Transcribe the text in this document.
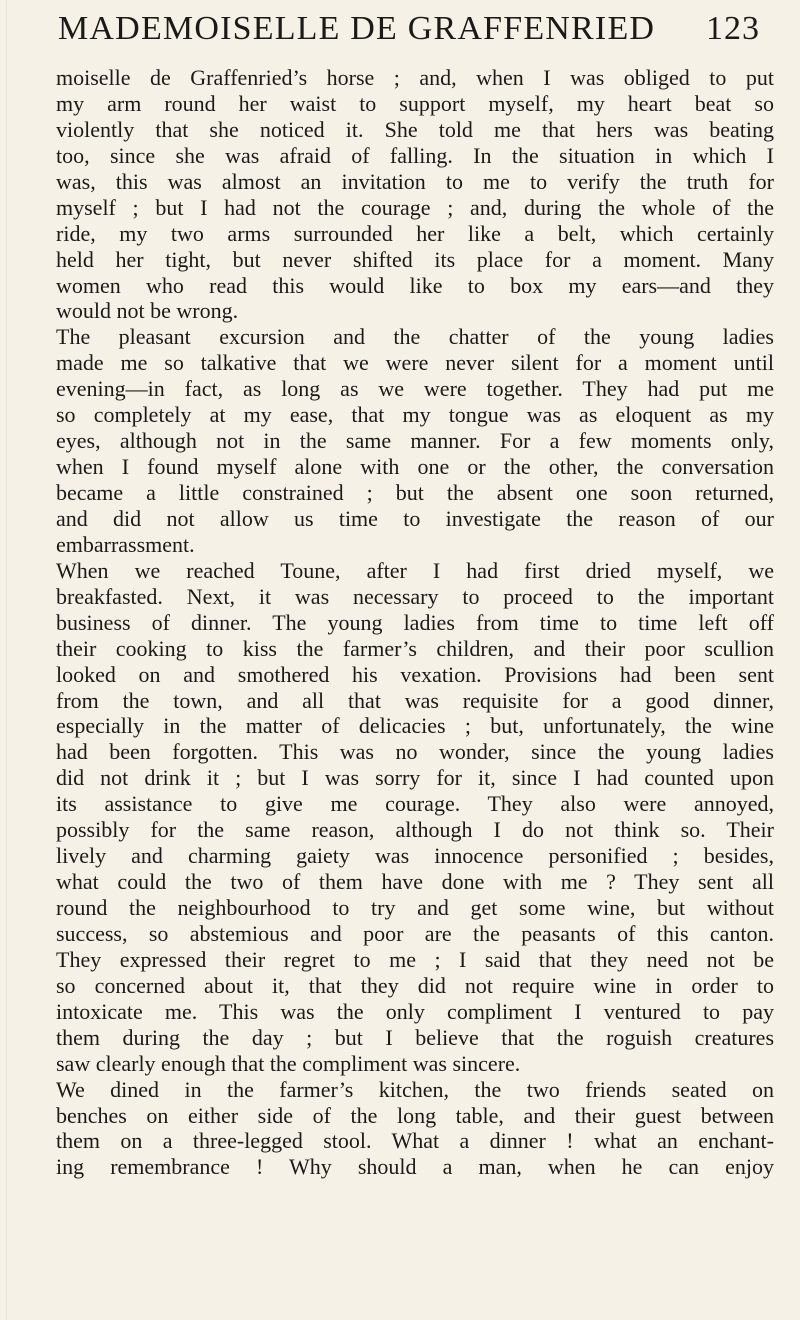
MADEMOISELLE DE GRAFFENRIED 123
moiselle de Graffenried’s horse ; and, when I was obliged to put
my arm round her waist to support myself, my heart beat so
violently that she noticed it. She told me that hers was beating
too, since she was afraid of falling. In the situation in which I
was, this was almost an invitation to me to verify the truth for
myself ; but I had not the courage ; and, during the whole of the
ride, my two arms surrounded her like a belt, which certainly
held her tight, but never shifted its place for a moment. Many
women who read this would like to box my ears—and they
would not be wrong.
The pleasant excursion and the chatter of the young ladies
made me so talkative that we were never silent for a moment until
evening—in fact, as long as we were together. They had put me
so completely at my ease, that my tongue was as eloquent as my
eyes, although not in the same manner. For a few moments only,
when I found myself alone with one or the other, the conversation
became a little constrained ; but the absent one soon returned,
and did not allow us time to investigate the reason of our
embarrassment.
When we reached Toune, after I had first dried myself, we
breakfasted. Next, it was necessary to proceed to the important
business of dinner. The young ladies from time to time left off
their cooking to kiss the farmer’s children, and their poor scullion
looked on and smothered his vexation. Provisions had been sent
from the town, and all that was requisite for a good dinner,
especially in the matter of delicacies ; but, unfortunately, the wine
had been forgotten. This was no wonder, since the young ladies
did not drink it ; but I was sorry for it, since I had counted upon
its assistance to give me courage. They also were annoyed,
possibly for the same reason, although I do not think so. Their
lively and charming gaiety was innocence personified ; besides,
what could the two of them have done with me ? They sent all
round the neighbourhood to try and get some wine, but without
success, so abstemious and poor are the peasants of this canton.
They expressed their regret to me ; I said that they need not be
so concerned about it, that they did not require wine in order to
intoxicate me. This was the only compliment I ventured to pay
them during the day ; but I believe that the roguish creatures
saw clearly enough that the compliment was sincere.
We dined in the farmer’s kitchen, the two friends seated on
benches on either side of the long table, and their guest between
them on a three-legged stool. What a dinner ! what an enchant-
ing remembrance ! Why should a man, when he can enjoy
